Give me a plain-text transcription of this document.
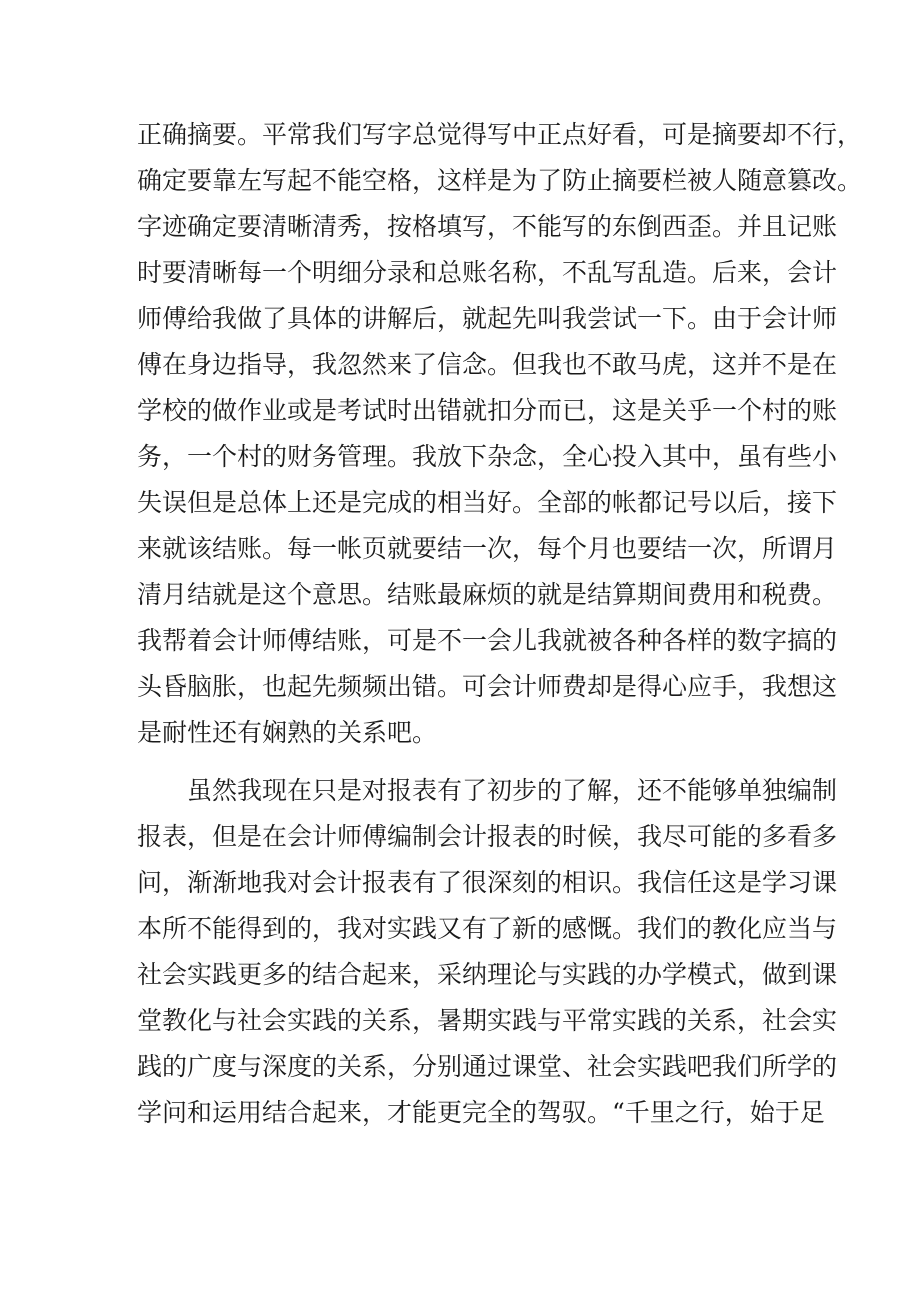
正确摘要。平常我们写字总觉得写中正点好看，可是摘要却不行，
确定要靠左写起不能空格，这样是为了防止摘要栏被人随意篡改。
字迹确定要清晰清秀，按格填写，不能写的东倒西歪。并且记账
时要清晰每一个明细分录和总账名称，不乱写乱造。后来，会计
师傅给我做了具体的讲解后，就起先叫我尝试一下。由于会计师
傅在身边指导，我忽然来了信念。但我也不敢马虎，这并不是在
学校的做作业或是考试时出错就扣分而已，这是关乎一个村的账
务，一个村的财务管理。我放下杂念，全心投入其中，虽有些小
失误但是总体上还是完成的相当好。全部的帐都记号以后，接下
来就该结账。每一帐页就要结一次，每个月也要结一次，所谓月
清月结就是这个意思。结账最麻烦的就是结算期间费用和税费。
我帮着会计师傅结账，可是不一会儿我就被各种各样的数字搞的
头昏脑胀，也起先频频出错。可会计师费却是得心应手，我想这
是耐性还有娴熟的关系吧。
虽然我现在只是对报表有了初步的了解，还不能够单独编制
报表，但是在会计师傅编制会计报表的时候，我尽可能的多看多
问，渐渐地我对会计报表有了很深刻的相识。我信任这是学习课
本所不能得到的，我对实践又有了新的感慨。我们的教化应当与
社会实践更多的结合起来，采纳理论与实践的办学模式，做到课
堂教化与社会实践的关系，暑期实践与平常实践的关系，社会实
践的广度与深度的关系，分别通过课堂、社会实践吧我们所学的
学问和运用结合起来，才能更完全的驾驭。“千里之行，始于足
